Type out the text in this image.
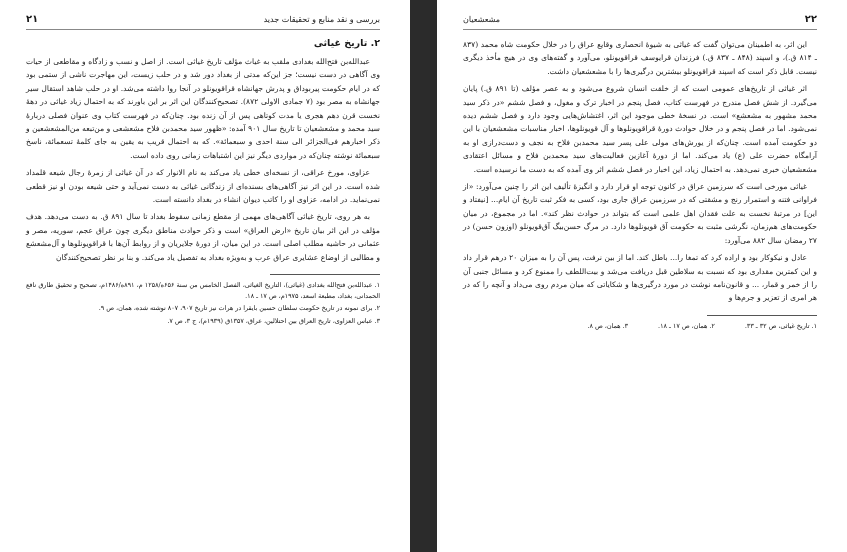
بررسی و نقد منابع و تحقیقات جدید
۲۱
۲. تاریخ غیاثی

عبدالله‌بن فتح‌الله بغدادی ملقب به غیاث مؤلف تاریخ غیاثی است. از اصل و نسب و زادگاه و مقاطعی از حیات وی آگاهی در دست نیست؛ جز این‌که مدتی از بغداد دور شد و در حلب زیست، این مهاجرت ناشی از ستمی بود که در ایام حکومت پیربوداق و پدرش جهانشاه قراقویونلو در آنجا روا داشته می‌شد. او در حلب شاهد استقال سیر جهانشاه به مصر بود (۷ جمادی الاولی ۸۷۲). تصحیح‌کنندگان این اثر بر این باورند که به احتمال زیاد غیاثی در دههٔ نخست قرن دهم هجری یا مدت کوتاهی پس از آن زنده بود. چنان‌که در فهرست کتاب وی عنوان فصلی دربارهٔ سید محمد و مشعشعیان تا تاریخ سال ۹۰۱ آمده: «ظهور سید محمدبن فلاح مشعشعی و من‌تبعه من‌المشعشعین و ذکر اخبارهم فی‌الجزائر الی سنة احدی و سبعمائة». که به احتمال قریب به یقین به جای کلمهٔ تسعمائة، ناسخ سبعمائة نوشته چنان‌که در مواردی دیگر نیز این اشتباهات زمانی روی داده است.

عزاوی، مورخ عراقی، از نسخه‌ای خطی یاد می‌کند به نام الانوار که در آن غیاثی از زمرهٔ رجال شیعه قلمداد شده است. در این اثر نیز آگاهی‌های بسنده‌ای از زندگانی غیاثی به دست نمی‌آید و حتی شیعه بودن او نیز قطعی نمی‌نماید. در ادامه، عزاوی او را کاتب دیوان انشاء در بغداد دانسته است.

به هر روی، تاریخ غیاثی آگاهی‌های مهمی از مقطع زمانی سقوط بغداد تا سال ۸۹۱ ق. به دست می‌دهد. هدف مؤلف در این اثر بیان تاریخ «ارض العراق» است و ذکر حوادث مناطق دیگری چون عراق عجم، سوریه، مصر و عثمانی در حاشیه مطلب اصلی است. در این میان، از دورهٔ جلایریان و از روابط آن‌ها با قراقویونلوها و آل‌مشعشع و مطالبی از اوضاع عشایری عراق عرب و به‌ویژه بغداد به تفصیل یاد می‌کند. و بنا بر نظر تصحیح‌کنندگان

۱. عبدالله‌بن فتح‌الله بغدادی (غیاثی)، التاریخ الغیاثی، الفصل الخامس من سنة ۶۵۶ه/۱۲۵۸ م، ۸۹۱ه/۱۴۸۶م، تصحیح و تحقیق طارق نافع الحمدانی، بغداد، مطبعة اسعد، ۱۹۷۵م، ص ۱۷ ـ ۱۸.

۲. برای نمونه در تاریخ حکومت سلطان حسین بایقرا در هرات نیز تاریخ ۹۰۷، ۸۰۷ نوشته شده، همان، ص ۹.

۳. عباس العزاوی، تاریخ العراق بین احتلالین، عراق، ۱۳۵۷ق (۱۹۳۹م)، ج ۳، ص ۷.

۲۲
مشعشعیان

این اثر، به اطمینان می‌توان گفت که غیاثی به شیوهٔ انحصاری وقایع عراق را در خلال حکومت شاه محمد (۸۳۷ ـ ۸۱۴ ق.)، و اسپند (۸۴۸ ـ ۸۳۷ ق.) فرزندان قرایوسف قراقویونلو، می‌آورد و گفته‌های وی در هیچ مأخذ دیگری نیست. قابل ذکر است که اسپند قراقویونلو بیشترین درگیری‌ها را با مشعشعیان داشت.

اثر غیاثی از تاریخ‌های عمومی است که از خلقت انسان شروع می‌شود و به عصر مؤلف (تا ۸۹۱ ق.) پایان می‌گیرد. از شش فصل مندرج در فهرست کتاب، فصل پنجم در اخبار ترک و مغول، و فصل ششم «در ذکر سید محمد مشهور به مشعشع» است. در نسخهٔ خطی موجود این اثر، اغتشاش‌هایی وجود دارد و فصل ششم دیده نمی‌شود. اما در فصل پنجم و در خلال حوادث دورهٔ قراقویونلوها و آل قویونلوها، اخبار مناسبات مشعشعیان با این دو حکومت آمده است. چنان‌که از یورش‌های مولی علی پسر سید محمدبن فلاح به نجف و دست‌درازی او به آرامگاه حضرت علی (ع) یاد می‌کند. اما از دورهٔ آغازین فعالیت‌های سید محمدبن فلاح و مسائل اعتقادی مشعشعیان خبری نمی‌دهد. به احتمال زیاد، این اخبار در فصل ششم اثر وی آمده که به دست ما نرسیده است.

غیاثی مورخی است که سرزمین عراق در کانون توجه او قرار دارد و انگیزهٔ تألیف این اثر را چنین می‌آورد: «از فراوانی فتنه و استمرار رنج و مشقتی که در سرزمین عراق جاری بود، کسی به فکر ثبت تاریخ آن ایام... [نیفتاد و این] در مرتبهٔ نخست به علت فقدان اهل علمی است که بتواند در حوادث نظر کند». اما در مجموع، در میان حکومت‌های هم‌زمان، نگرشی مثبت به حکومت آق قویونلوها دارد. در مرگ حسن‌بیگ آق‌قویونلو (اوزون حسن) در ۲۷ رمضان سال ۸۸۲ می‌آورد:

عادل و نیکوکار بود و اراده کرد که تمغا را... باطل کند. اما از بین نرفت، پس آن را به میزان ۲۰ درهم قرار داد و این کمترین مقداری بود که نسبت به سلاطین قبل دریافت می‌شد و بیت‌اللطف را ممنوع کرد و مسائل جنبی آن را از خمر و قمار، ... و قانون‌نامه نوشت در مورد درگیری‌ها و شکایاتی که میان مردم روی می‌داد و آنچه را که در هر امری از تعزیر و جرم‌ها و

۱. تاریخ غیاثی، ص ۳۲ ـ ۳۳.
۲. همان، ص ۱۷ ـ ۱۸.
۳. همان، ص ۸.
